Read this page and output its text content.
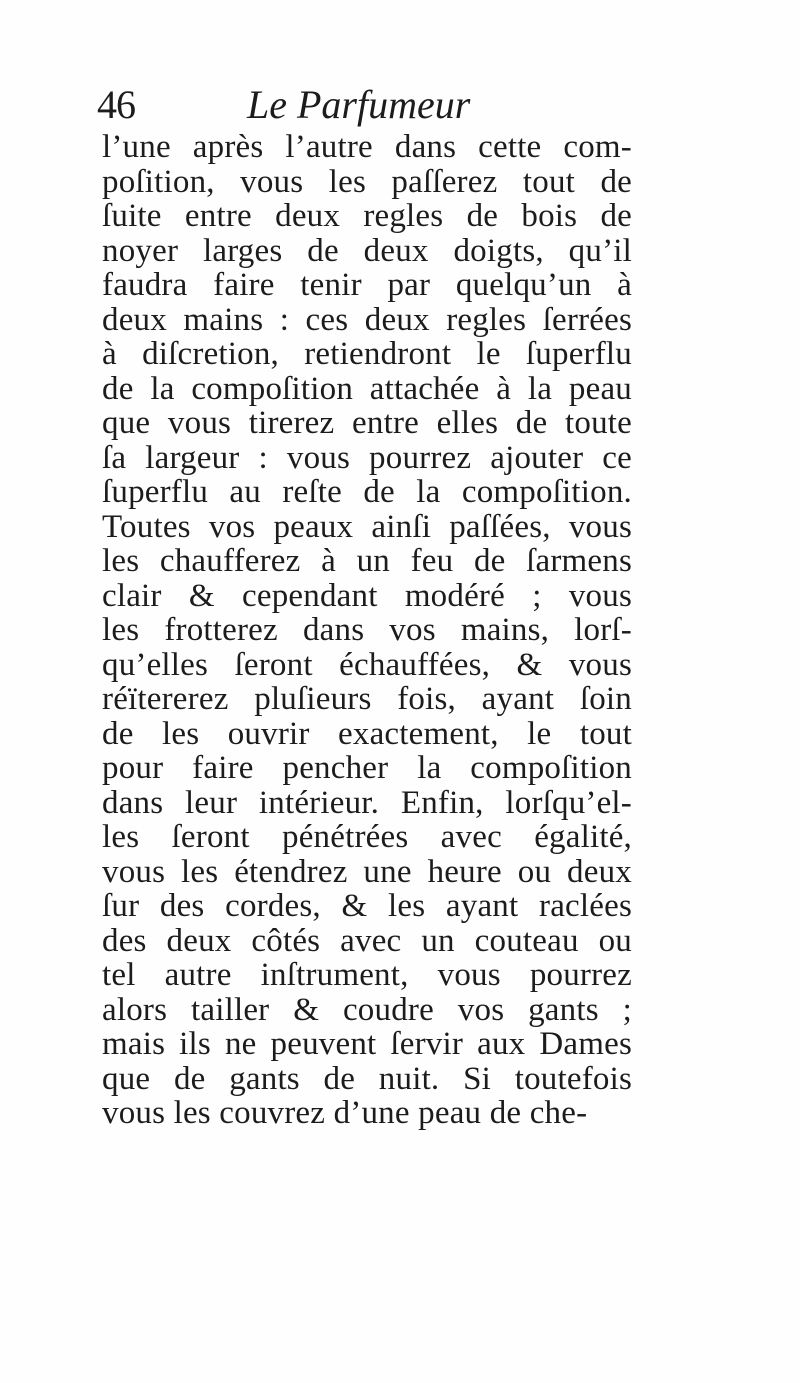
46	Le Parfumeur
l’une après l’autre dans cette com-
poſition, vous les paſſerez tout de
ſuite entre deux regles de bois de
noyer larges de deux doigts, qu’il
faudra faire tenir par quelqu’un à
deux mains : ces deux regles ſerrées
à diſcretion, retiendront le ſuperflu
de la compoſition attachée à la peau
que vous tirerez entre elles de toute
ſa largeur : vous pourrez ajouter ce
ſuperflu au reſte de la compoſition.
Toutes vos peaux ainſi paſſées, vous
les chaufferez à un feu de ſarmens
clair & cependant modéré ; vous
les frotterez dans vos mains, lorſ-
qu’elles ſeront échauffées, & vous
réïtererez pluſieurs fois, ayant ſoin
de les ouvrir exactement, le tout
pour faire pencher la compoſition
dans leur intérieur. Enfin, lorſqu’el-
les ſeront pénétrées avec égalité,
vous les étendrez une heure ou deux
ſur des cordes, & les ayant raclées
des deux côtés avec un couteau ou
tel autre inſtrument, vous pourrez
alors tailler & coudre vos gants ;
mais ils ne peuvent ſervir aux Dames
que de gants de nuit. Si toutefois
vous les couvrez d’une peau de che-
